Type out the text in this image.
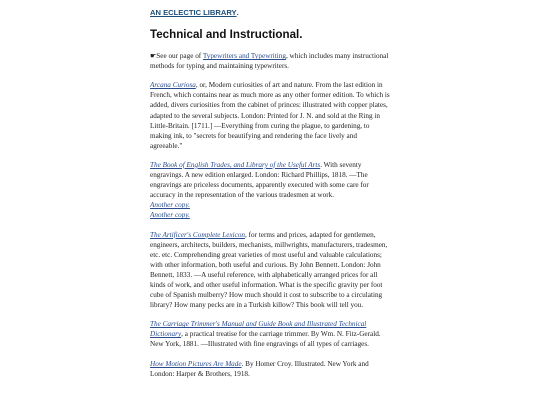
AN ECLECTIC LIBRARY.
Technical and Instructional.

☛See our page of Typewriters and Typewriting, which includes many instructional methods for typing and maintaining typewriters.

Arcana Curiosa, or, Modern curiosities of art and nature. From the last edition in French, which contains near as much more as any other former edition. To which is added, divers curiosities from the cabinet of princes: illustrated with copper plates, adapted to the several subjects. London: Printed for J. N. and sold at the Ring in Little-Britain. [1711.] —Everything from curing the plague, to gardening, to making ink, to "secrets for beautifying and rendering the face lively and agreeable."

The Book of English Trades, and Library of the Useful Arts. With seventy engravings. A new edition enlarged. London: Richard Phillips, 1818. —The engravings are priceless documents, apparently executed with some care for accuracy in the representation of the various tradesmen at work.

Another copy.
Another copy.

The Artificer's Complete Lexicon, for terms and prices, adapted for gentlemen, engineers, architects, builders, mechanists, millwrights, manufacturers, tradesmen, etc. etc. Comprehending great varieties of most useful and valuable calculations; with other information, both useful and curious. By John Bennett. London: John Bennett, 1833. —A useful reference, with alphabetically arranged prices for all kinds of work, and other useful information. What is the specific gravity per foot cube of Spanish mulberry? How much should it cost to subscribe to a circulating library? How many pecks are in a Turkish killow? This book will tell you.

The Carriage Trimmer's Manual and Guide Book and Illustrated Technical Dictionary, a practical treatise for the carriage trimmer. By Wm. N. Fitz-Gerald. New York, 1881. —Illustrated with fine engravings of all types of carriages.

How Motion Pictures Are Made. By Homer Croy. Illustrated. New York and London: Harper & Brothers, 1918.
